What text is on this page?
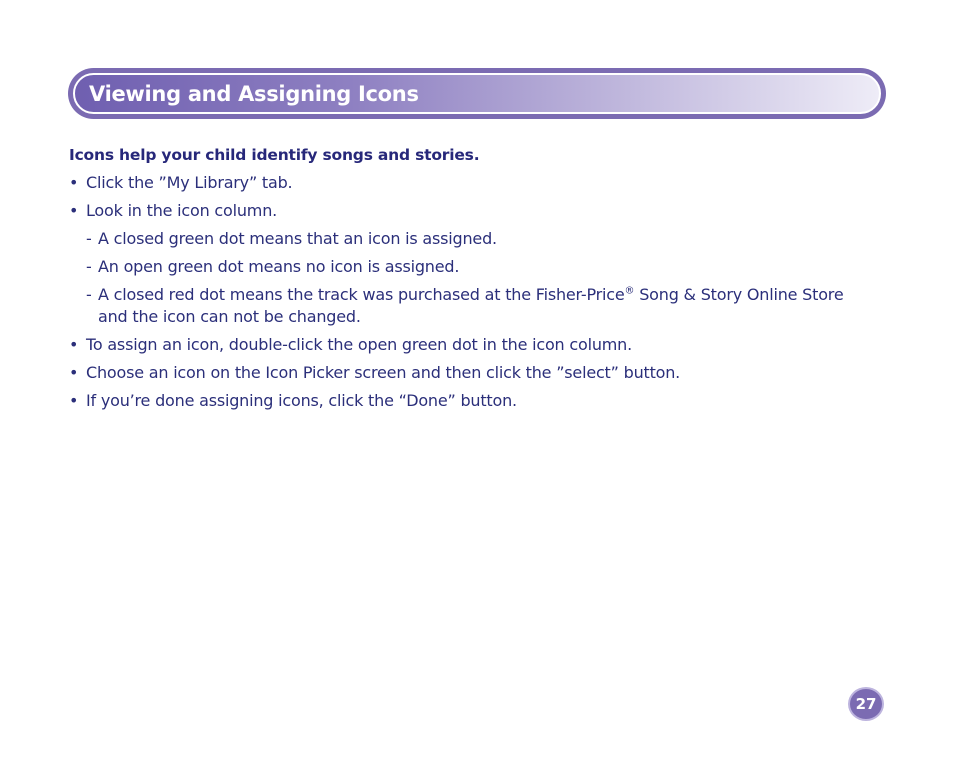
Viewing and Assigning Icons
Icons help your child identify songs and stories.
• Click the ”My Library” tab.
• Look in the icon column.
- A closed green dot means that an icon is assigned.
- An open green dot means no icon is assigned.
- A closed red dot means the track was purchased at the Fisher-Price® Song & Story Online Store and the icon can not be changed.
• To assign an icon, double-click the open green dot in the icon column.
• Choose an icon on the Icon Picker screen and then click the ”select” button.
• If you’re done assigning icons, click the “Done” button.
27
